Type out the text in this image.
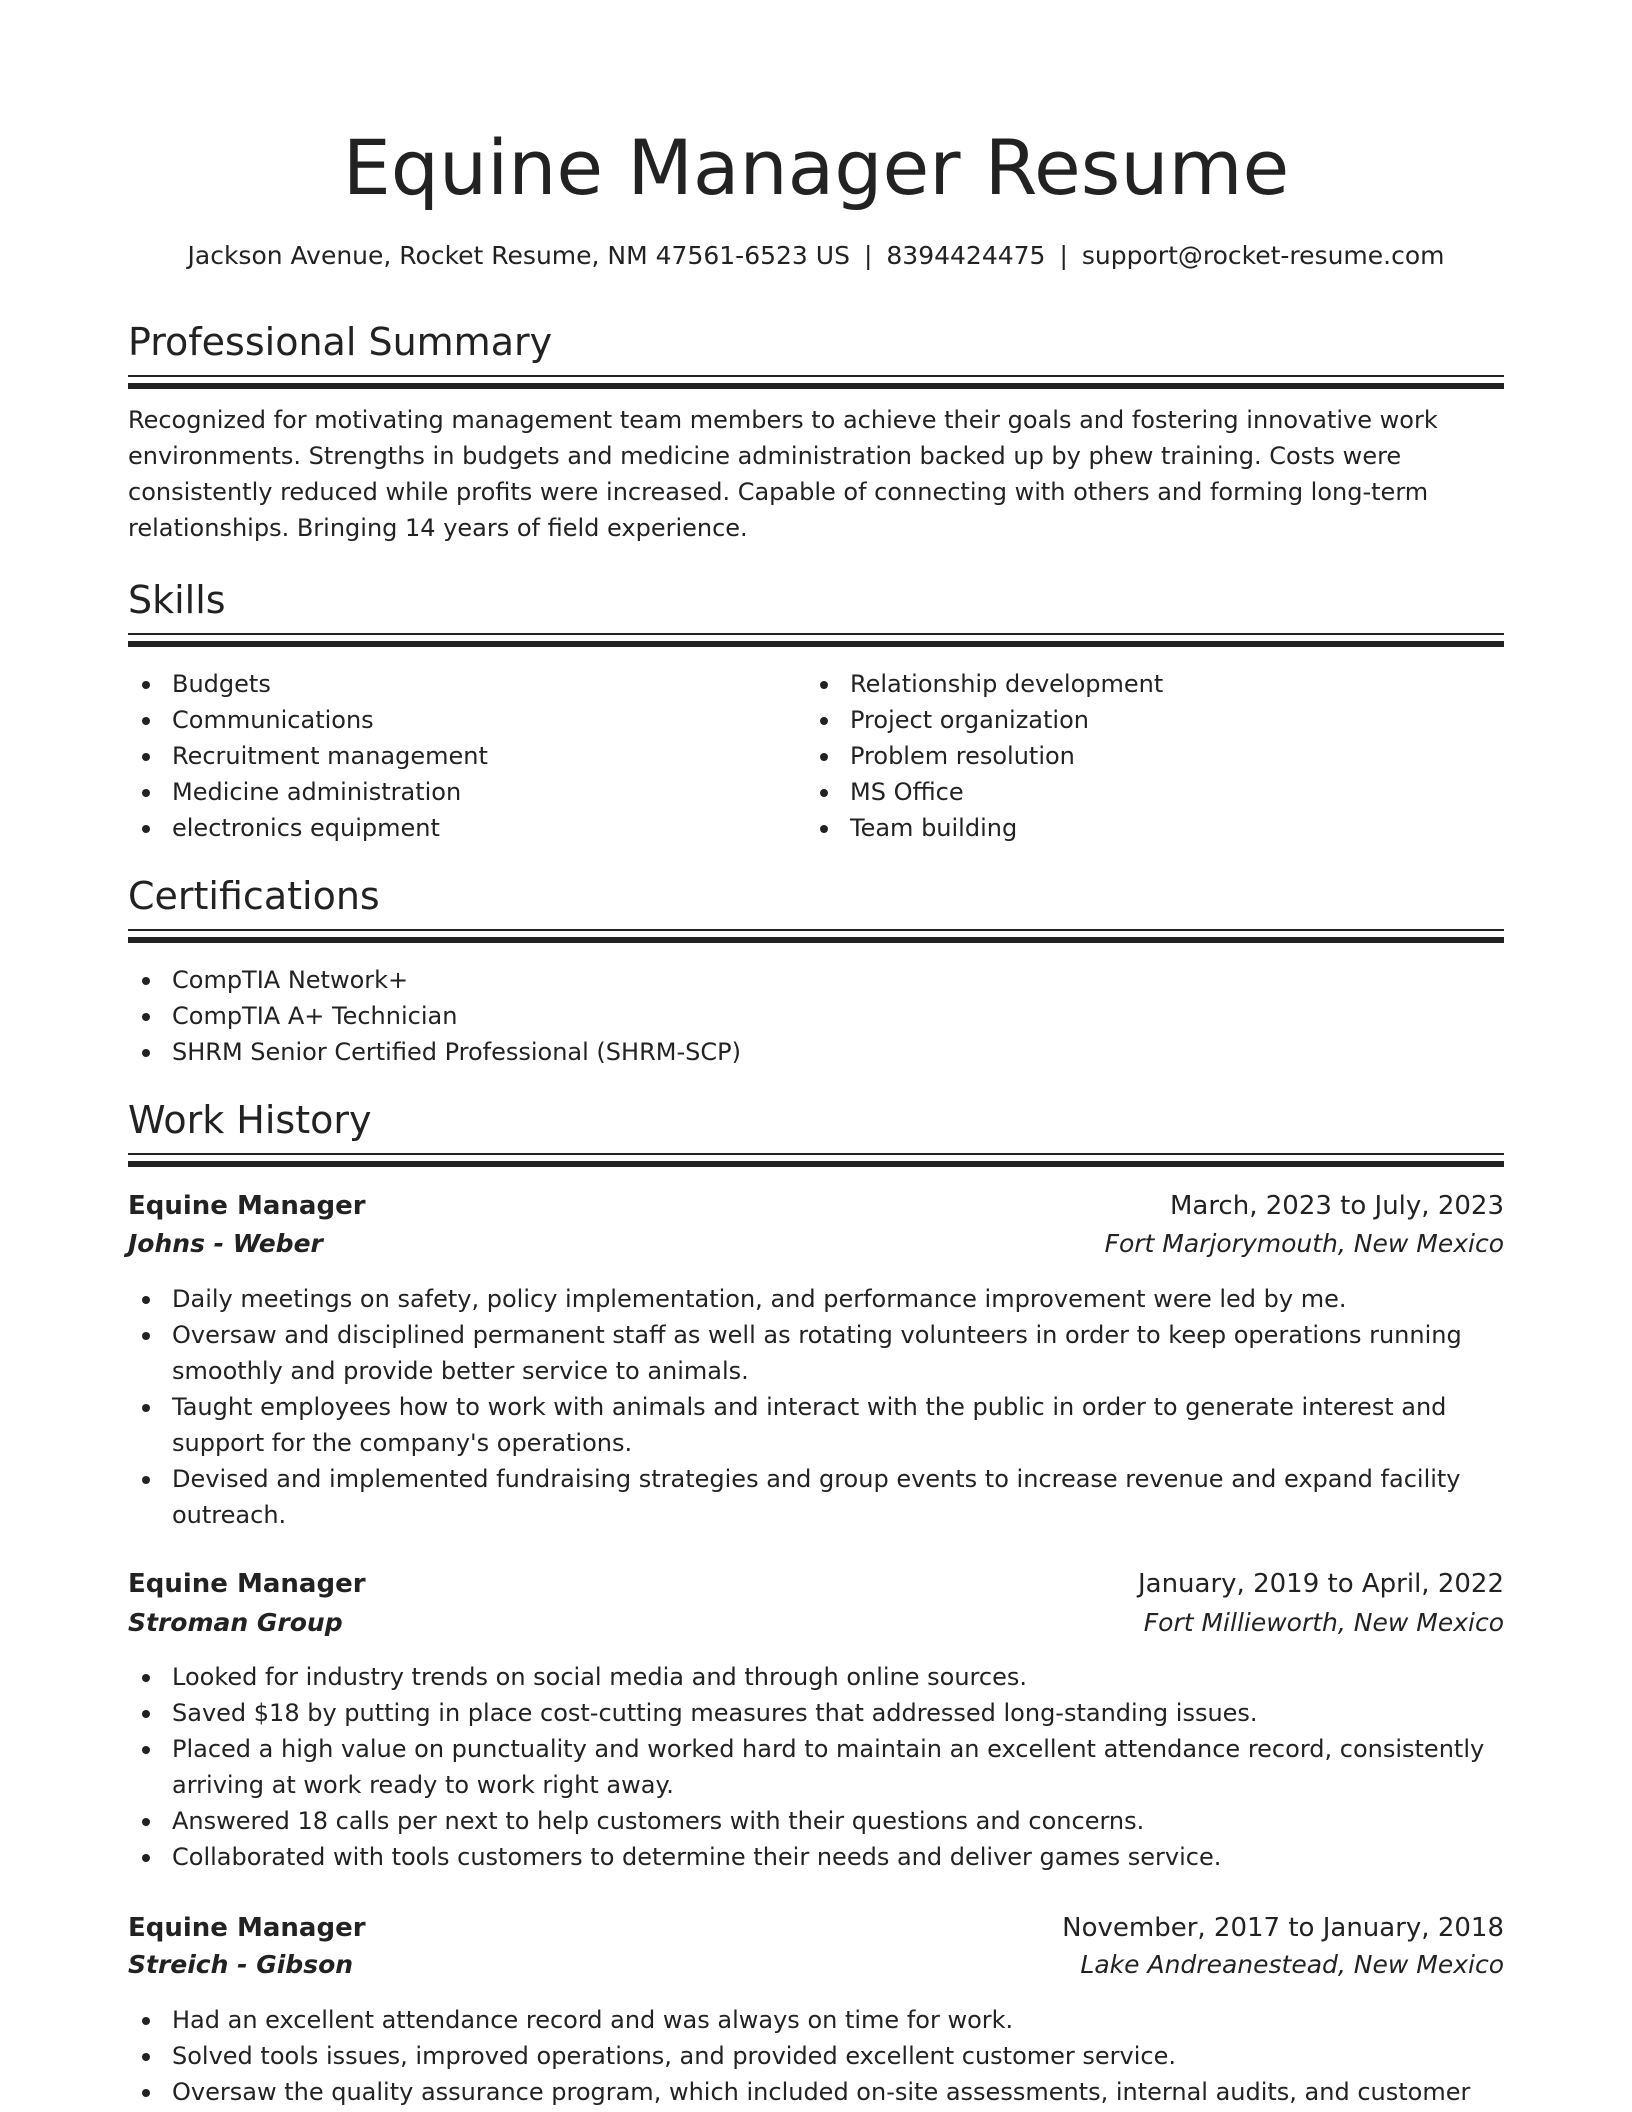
Equine Manager Resume
Jackson Avenue, Rocket Resume, NM 47561-6523 US | 8394424475 | support@rocket-resume.com
Professional Summary

Recognized for motivating management team members to achieve their goals and fostering innovative work environments. Strengths in budgets and medicine administration backed up by phew training. Costs were consistently reduced while profits were increased. Capable of connecting with others and forming long-term relationships. Bringing 14 years of field experience.

Skills
Budgets
Communications
Recruitment management
Medicine administration
electronics equipment
Relationship development
Project organization
Problem resolution
MS Office
Team building
Certifications
CompTIA Network+
CompTIA A+ Technician
SHRM Senior Certified Professional (SHRM-SCP)
Work History
Equine Manager	March, 2023 to July, 2023
Johns - Weber	Fort Marjorymouth, New Mexico
Daily meetings on safety, policy implementation, and performance improvement were led by me.
Oversaw and disciplined permanent staff as well as rotating volunteers in order to keep operations running smoothly and provide better service to animals.
Taught employees how to work with animals and interact with the public in order to generate interest and support for the company's operations.
Devised and implemented fundraising strategies and group events to increase revenue and expand facility outreach.
Equine Manager	January, 2019 to April, 2022
Stroman Group	Fort Millieworth, New Mexico
Looked for industry trends on social media and through online sources.
Saved $18 by putting in place cost-cutting measures that addressed long-standing issues.
Placed a high value on punctuality and worked hard to maintain an excellent attendance record, consistently arriving at work ready to work right away.
Answered 18 calls per next to help customers with their questions and concerns.
Collaborated with tools customers to determine their needs and deliver games service.
Equine Manager	November, 2017 to January, 2018
Streich - Gibson	Lake Andreanestead, New Mexico
Had an excellent attendance record and was always on time for work.
Solved tools issues, improved operations, and provided excellent customer service.
Oversaw the quality assurance program, which included on-site assessments, internal audits, and customer
